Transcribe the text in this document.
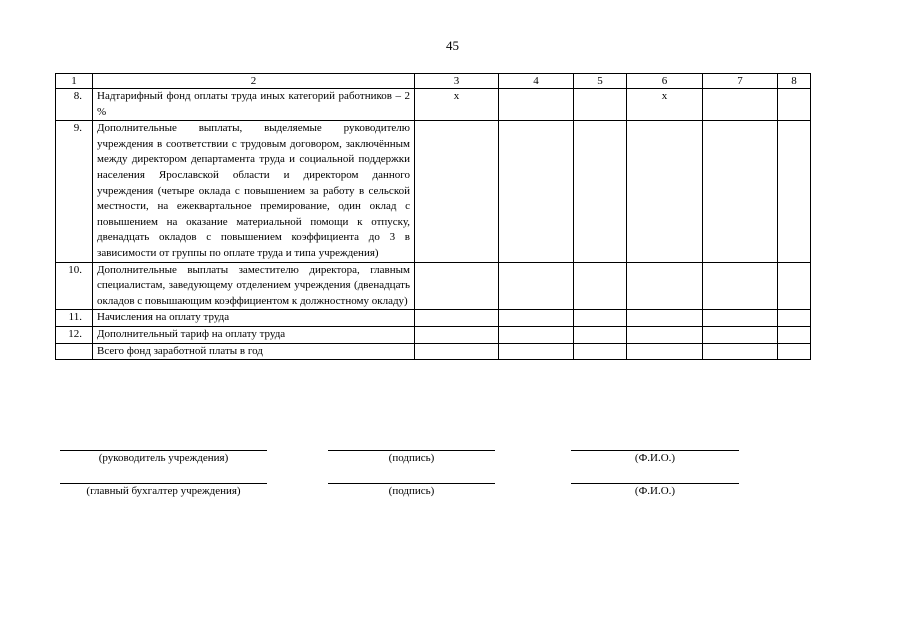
45
1	2	3	4	5	6	7	8
8.	Надтарифный фонд оплаты труда иных категорий работников – 2 %	x			x		
9.	Дополнительные выплаты, выделяемые руководителю учреждения в соответствии с трудовым договором, заключённым между директором департамента труда и социальной поддержки населения Ярославской области и директором данного учреждения (четыре оклада с повышением за работу в сельской местности, на ежеквартальное премирование, один оклад с повышением на оказание материальной помощи к отпуску, двенадцать окладов с повышением коэффициента до 3 в зависимости от группы по оплате труда и типа учреждения)						
10.	Дополнительные выплаты заместителю директора, главным специалистам, заведующему отделением учреждения (двенадцать окладов с повышающим коэффициентом к должностному окладу)						
11.	Начисления на оплату труда						
12.	Дополнительный тариф на оплату труда						
	Всего фонд заработной платы в год						
(руководитель учреждения)	(подпись)	(Ф.И.О.)
(главный бухгалтер учреждения)	(подпись)	(Ф.И.О.)
